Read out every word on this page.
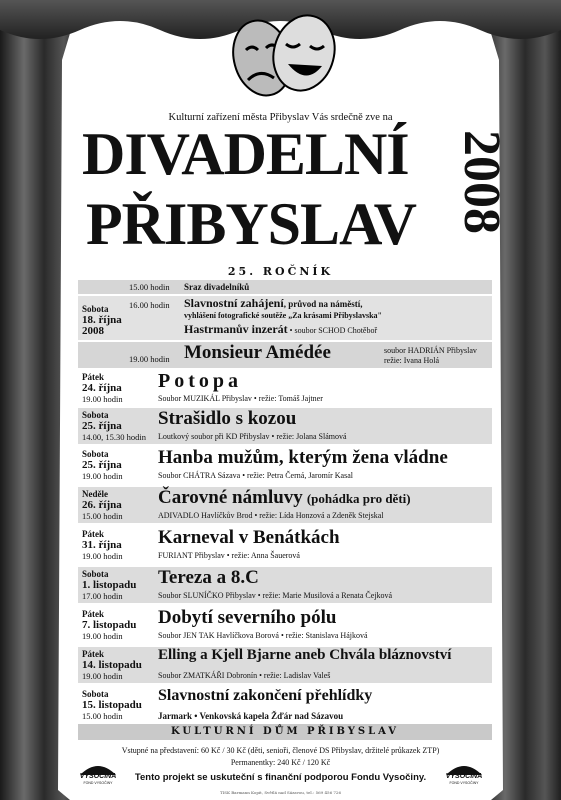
Kulturní zařízení města Přibyslav Vás srdečně zve na
DIVADELNÍ
PŘIBYSLAV 2008
25. ROČNÍK
Sobota
18. října
2008
15.00 hodin Sraz divadelníků
16.00 hodin Slavnostní zahájení, průvod na náměstí,
vyhlášení fotografické soutěže „Za krásami Přibyslavska"
Hastrmanův inzerát • soubor SCHOD Chotěboř
19.00 hodin Monsieur Amédée	soubor HADRIÁN Přibyslav
režie: Ivana Holá
Pátek
24. října
19.00 hodin
Potopa
Soubor MUZIKÁL Přibyslav • režie: Tomáš Jajtner
Sobota
25. října
14.00, 15.30 hodin
Strašidlo s kozou
Loutkový soubor při KD Přibyslav • režie: Jolana Slámová
Sobota
25. října
19.00 hodin
Hanba mužům, kterým žena vládne
Soubor CHÁTRA Sázava • režie: Petra Černá, Jaromír Kasal
Neděle
26. října
15.00 hodin
Čarovné námluvy (pohádka pro děti)
ADIVADLO Havlíčkův Brod • režie: Lída Honzová a Zdeněk Stejskal
Pátek
31. října
19.00 hodin
Karneval v Benátkách
FURIANT Přibyslav • režie: Anna Šauerová
Sobota
1. listopadu
17.00 hodin
Tereza a 8.C
Soubor SLUNÍČKO Přibyslav • režie: Marie Musilová a Renata Čejková
Pátek
7. listopadu
19.00 hodin
Dobytí severního pólu
Soubor JEN TAK Havlíčkova Borová • režie: Stanislava Hájková
Pátek
14. listopadu
19.00 hodin
Elling a Kjell Bjarne aneb Chvála bláznovství
Soubor ZMATKÁŘI Dobronín • režie: Ladislav Valeš
Sobota
15. listopadu
15.00 hodin
Slavnostní zakončení přehlídky
Jarmark • Venkovská kapela Žďár nad Sázavou
KULTURNÍ DŮM PŘIBYSLAV
Vstupné na představení: 60 Kč / 30 Kč (děti, senioři, členové DS Přibyslav, držitelé průkazek ZTP)
Permanentky: 240 Kč / 120 Kč
Tento projekt se uskuteční s finanční podporou Fondu Vysočiny.
TISK Barmann Kopit, Světlá nad Sázavou, tel.: 569 456 726
VYSOČINA
FOND VYSOČINY
VYSOČINA
FOND VYSOČINY
